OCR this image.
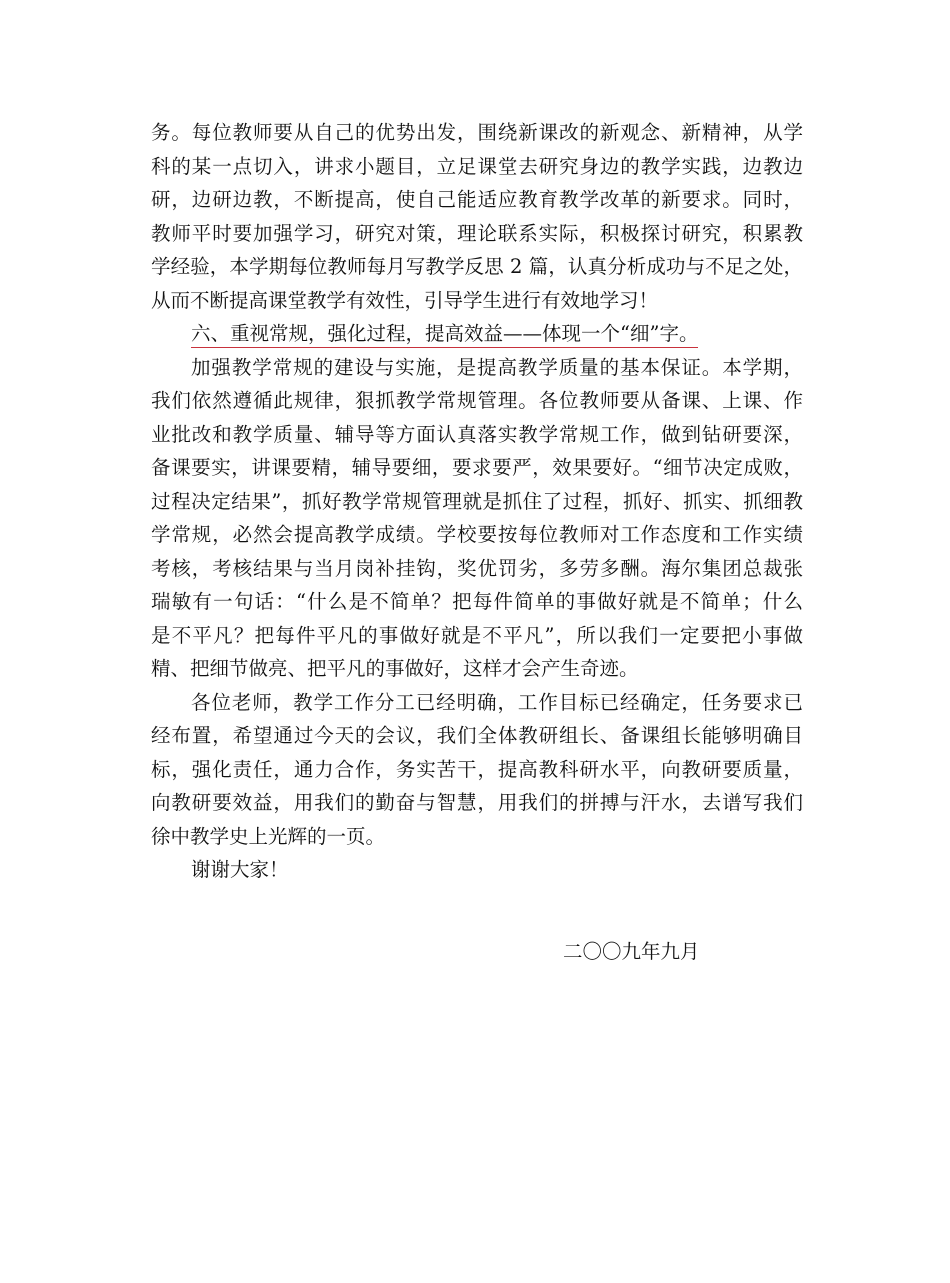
务。每位教师要从自己的优势出发，围绕新课改的新观念、新精神，从学
科的某一点切入，讲求小题目，立足课堂去研究身边的教学实践，边教边
研，边研边教，不断提高，使自己能适应教育教学改革的新要求。同时，
教师平时要加强学习，研究对策，理论联系实际，积极探讨研究，积累教
学经验，本学期每位教师每月写教学反思 2 篇，认真分析成功与不足之处，
从而不断提高课堂教学有效性，引导学生进行有效地学习！
六、重视常规，强化过程，提高效益——体现一个“细”字。
加强教学常规的建设与实施，是提高教学质量的基本保证。本学期，
我们依然遵循此规律，狠抓教学常规管理。各位教师要从备课、上课、作
业批改和教学质量、辅导等方面认真落实教学常规工作，做到钻研要深，
备课要实，讲课要精，辅导要细，要求要严，效果要好。“细节决定成败，
过程决定结果”，抓好教学常规管理就是抓住了过程，抓好、抓实、抓细教
学常规，必然会提高教学成绩。学校要按每位教师对工作态度和工作实绩
考核，考核结果与当月岗补挂钩，奖优罚劣，多劳多酬。海尔集团总裁张
瑞敏有一句话：“什么是不简单？把每件简单的事做好就是不简单；什么
是不平凡？把每件平凡的事做好就是不平凡”，所以我们一定要把小事做
精、把细节做亮、把平凡的事做好，这样才会产生奇迹。
各位老师，教学工作分工已经明确，工作目标已经确定，任务要求已
经布置，希望通过今天的会议，我们全体教研组长、备课组长能够明确目
标，强化责任，通力合作，务实苦干，提高教科研水平，向教研要质量，
向教研要效益，用我们的勤奋与智慧，用我们的拼搏与汗水，去谱写我们
徐中教学史上光辉的一页。
谢谢大家！
二〇〇九年九月
